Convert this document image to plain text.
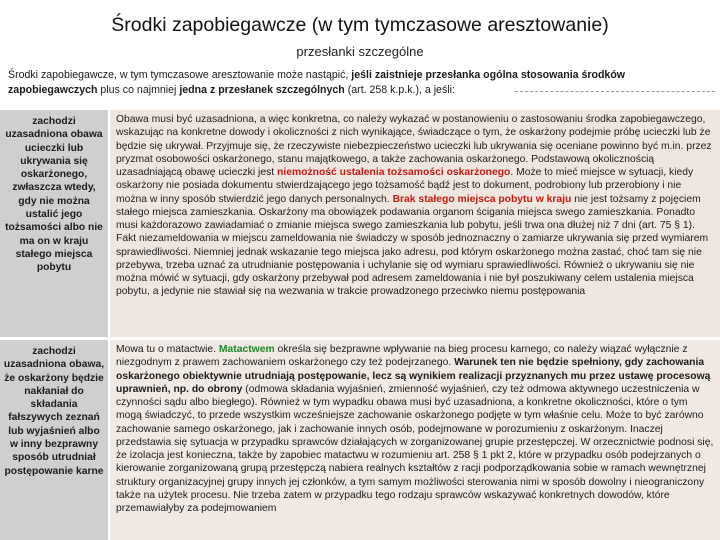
Środki zapobiegawcze (w tym tymczasowe aresztowanie)
przesłanki szczególne
Środki zapobiegawcze, w tym tymczasowe aresztowanie może nastąpić, jeśli zaistnieje przesłanka ogólna stosowania środków zapobiegawczych plus co najmniej jedna z przesłanek szczególnych (art. 258 k.p.k.), a jeśli:
zachodzi uzasadniona obawa ucieczki lub ukrywania się oskarżonego, zwłaszcza wtedy, gdy nie można ustalić jego tożsamości albo nie ma on w kraju stałego miejsca pobytu
Obawa musi być uzasadniona, a więc konkretna, co należy wykazać w postanowieniu o zastosowaniu środka zapobiegawczego, wskazując na konkretne dowody i okoliczności z nich wynikające, świadczące o tym, że oskarżony podejmie próbę ucieczki lub że będzie się ukrywał. Przyjmuje się, że rzeczywiste niebezpieczeństwo ucieczki lub ukrywania się oceniane powinno być m.in. przez pryzmat osobowości oskarżonego, stanu majątkowego, a także zachowania oskarżonego. Podstawową okolicznością uzasadniającą obawę ucieczki jest niemożność ustalenia tożsamości oskarżonego. Może to mieć miejsce w sytuacji, kiedy oskarżony nie posiada dokumentu stwierdzającego jego tożsamość bądź jest to dokument, podrobiony lub przerobiony i nie można w inny sposób stwierdzić jego danych personalnych. Brak stałego miejsca pobytu w kraju nie jest tożsamy z pojęciem stałego miejsca zamieszkania. Oskarżony ma obowiązek podawania organom ścigania miejsca swego zamieszkania. Ponadto musi każdorazowo zawiadamiać o zmianie miejsca swego zamieszkania lub pobytu, jeśli trwa ona dłużej niż 7 dni (art. 75 § 1). Fakt niezameldowania w miejscu zameldowania nie świadczy w sposób jednoznaczny o zamiarze ukrywania się przed wymiarem sprawiedliwości. Niemniej jednak wskazanie tego miejsca jako adresu, pod którym oskarżonego można zastać, choć tam się nie przebywa, trzeba uznać za utrudnianie postępowania i uchylanie się od wymiaru sprawiedliwości. Również o ukrywaniu się nie można mówić w sytuacji, gdy oskarżony przebywał pod adresem zameldowania i nie był poszukiwany celem ustalenia miejsca pobytu, a jedynie nie stawiał się na wezwania w trakcie prowadzonego przeciwko niemu postępowania
zachodzi uzasadniona obawa, że oskarżony będzie nakłaniał do składania fałszywych zeznań lub wyjaśnień albo w inny bezprawny sposób utrudniał postępowanie karne
Mowa tu o matactwie. Matactwem określa się bezprawne wpływanie na bieg procesu karnego, co należy wiązać wyłącznie z niezgodnym z prawem zachowaniem oskarżonego czy też podejrzanego. Warunek ten nie będzie spełniony, gdy zachowania oskarżonego obiektywnie utrudniają postępowanie, lecz są wynikiem realizacji przyznanych mu przez ustawę procesową uprawnień, np. do obrony (odmowa składania wyjaśnień, zmienność wyjaśnień, czy też odmowa aktywnego uczestniczenia w czynności sądu albo biegłego). Również w tym wypadku obawa musi być uzasadniona, a konkretne okoliczności, które o tym mogą świadczyć, to przede wszystkim wcześniejsze zachowanie oskarżonego podjęte w tym właśnie celu. Może to być zarówno zachowanie samego oskarżonego, jak i zachowanie innych osób, podejmowane w porozumieniu z oskarżonym. Inaczej przedstawia się sytuacja w przypadku sprawców działających w zorganizowanej grupie przestępczej. W orzecznictwie podnosi się, że izolacja jest konieczna, także by zapobiec matactwu w rozumieniu art. 258 § 1 pkt 2, które w przypadku osób podejrzanych o kierowanie zorganizowaną grupą przestępczą nabiera realnych kształtów z racji podporządkowania sobie w ramach wewnętrznej struktury organizacyjnej grupy innych jej członków, a tym samym możliwości sterowania nimi w sposób dowolny i nieograniczony także na użytek procesu. Nie trzeba zatem w przypadku tego rodzaju sprawców wskazywać konkretnych dowodów, które przemawiałyby za podejmowaniem
